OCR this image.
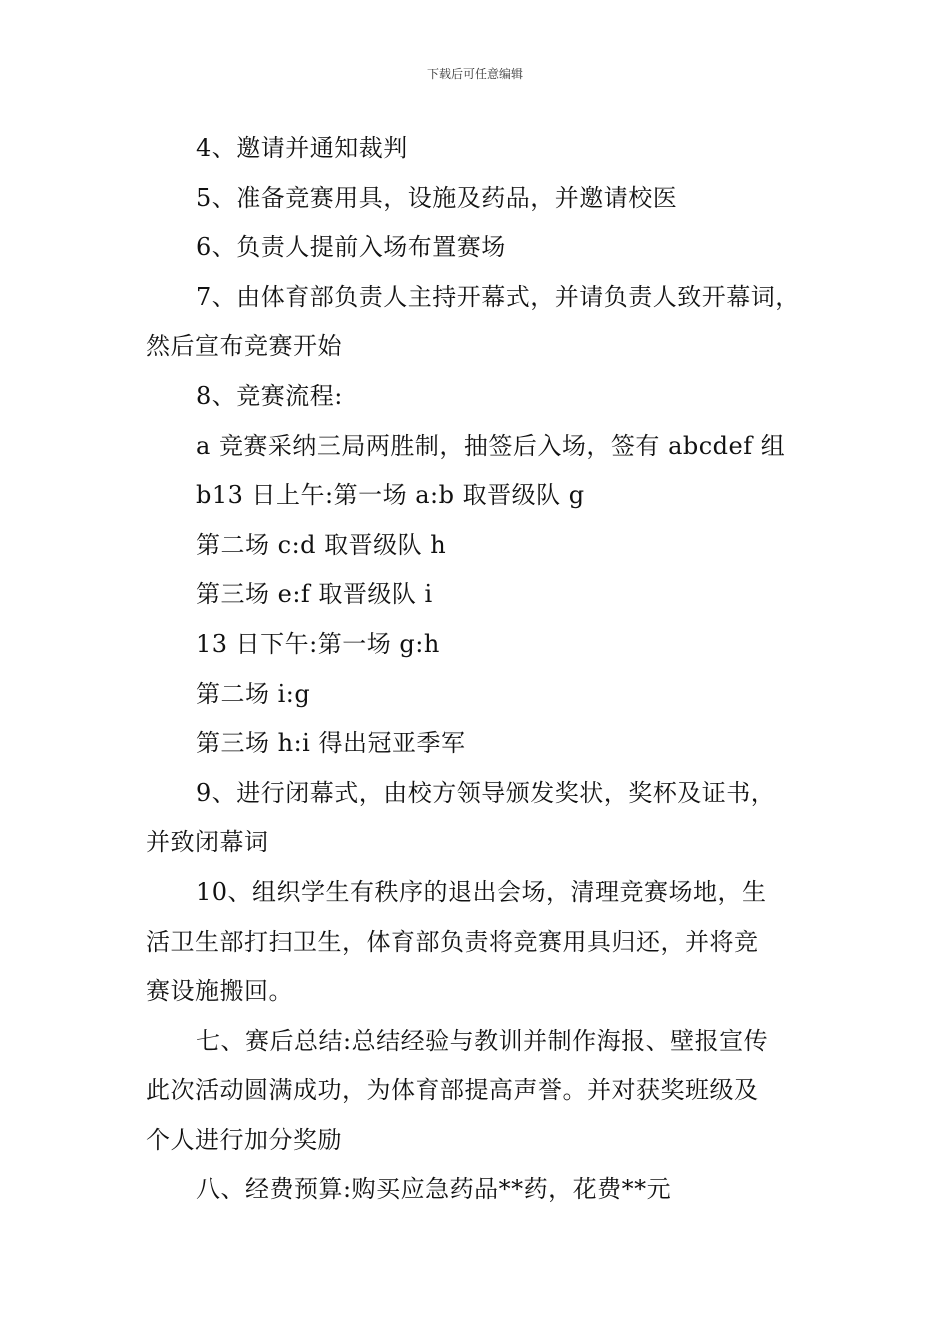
下载后可任意编辑
4、邀请并通知裁判
5、准备竞赛用具，设施及药品，并邀请校医
6、负责人提前入场布置赛场
7、由体育部负责人主持开幕式，并请负责人致开幕词，
然后宣布竞赛开始
8、竞赛流程:
a 竞赛采纳三局两胜制，抽签后入场，签有 abcdef 组
b13 日上午:第一场 a:b 取晋级队 g
第二场 c:d 取晋级队 h
第三场 e:f 取晋级队 i
13 日下午:第一场 g:h
第二场 i:g
第三场 h:i 得出冠亚季军
9、进行闭幕式，由校方领导颁发奖状，奖杯及证书，
并致闭幕词
10、组织学生有秩序的退出会场，清理竞赛场地，生
活卫生部打扫卫生，体育部负责将竞赛用具归还，并将竞
赛设施搬回。
七、赛后总结:总结经验与教训并制作海报、壁报宣传
此次活动圆满成功，为体育部提高声誉。并对获奖班级及
个人进行加分奖励
八、经费预算:购买应急药品**药，花费**元
